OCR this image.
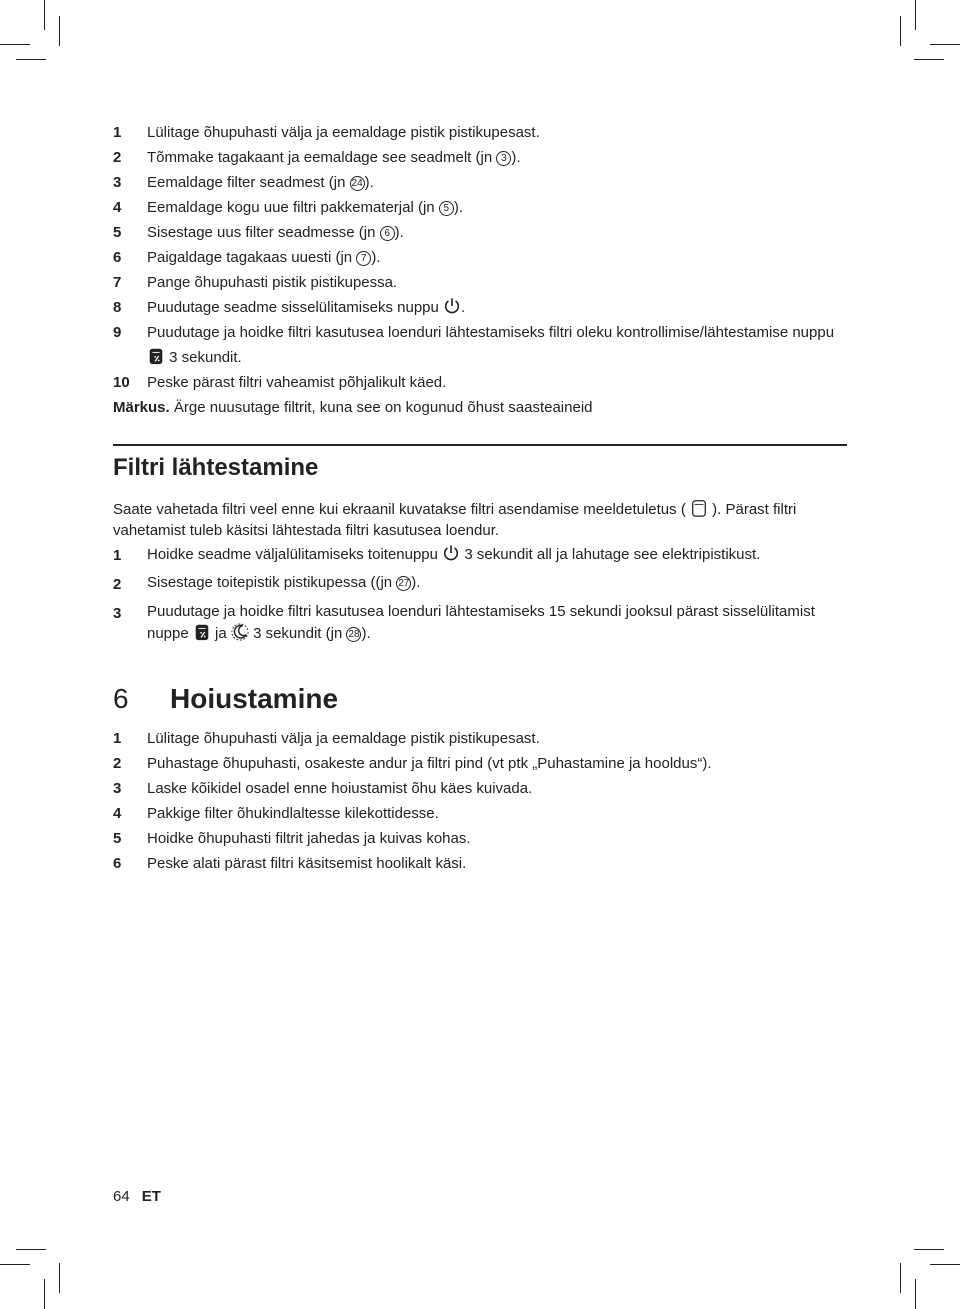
1	Lülitage õhupuhasti välja ja eemaldage pistik pistikupesast.
2	Tõmmake tagakaant ja eemaldage see seadmelt (jn 3 ).
3	Eemaldage filter seadmest (jn 24 ).
4	Eemaldage kogu uue filtri pakkematerjal (jn 5 ).
5	Sisestage uus filter seadmesse (jn 6 ).
6	Paigaldage tagakaas uuesti (jn 7 ).
7	Pange õhupuhasti pistik pistikupessa.
8	Puudutage seadme sisselülitamiseks nuppu .
9	Puudutage ja hoidke filtri kasutusea loenduri lähtestamiseks filtri oleku kontrollimise/lähtestamise nuppu  3 sekundit.
10	Peske pärast filtri vaheamist põhjalikult käed.
Märkus. Ärge nuusutage filtrit, kuna see on kogunud õhust saasteaineid
Filtri lähtestamine
Saate vahetada filtri veel enne kui ekraanil kuvatakse filtri asendamise meeldetuletus (  ). Pärast filtri vahetamist tuleb käsitsi lähtestada filtri kasutusea loendur.
1	Hoidke seadme väljalülitamiseks toitenuppu  3 sekundit all ja lahutage see elektripistikust.
2	Sisestage toitepistik pistikupessa ((jn 27 ).
3	Puudutage ja hoidke filtri kasutusea loenduri lähtestamiseks 15 sekundi jooksul pärast sisselülitamist nuppe  ja  3 sekundit (jn 28 ).
6	Hoiustamine
1	Lülitage õhupuhasti välja ja eemaldage pistik pistikupesast.
2	Puhastage õhupuhasti, osakeste andur ja filtri pind (vt ptk „Puhastamine ja hooldus“).
3	Laske kõikidel osadel enne hoiustamist õhu käes kuivada.
4	Pakkige filter õhukindlaltesse kilekottidesse.
5	Hoidke õhupuhasti filtrit jahedas ja kuivas kohas.
6	Peske alati pärast filtri käsitsemist hoolikalt käsi.
64 ET
